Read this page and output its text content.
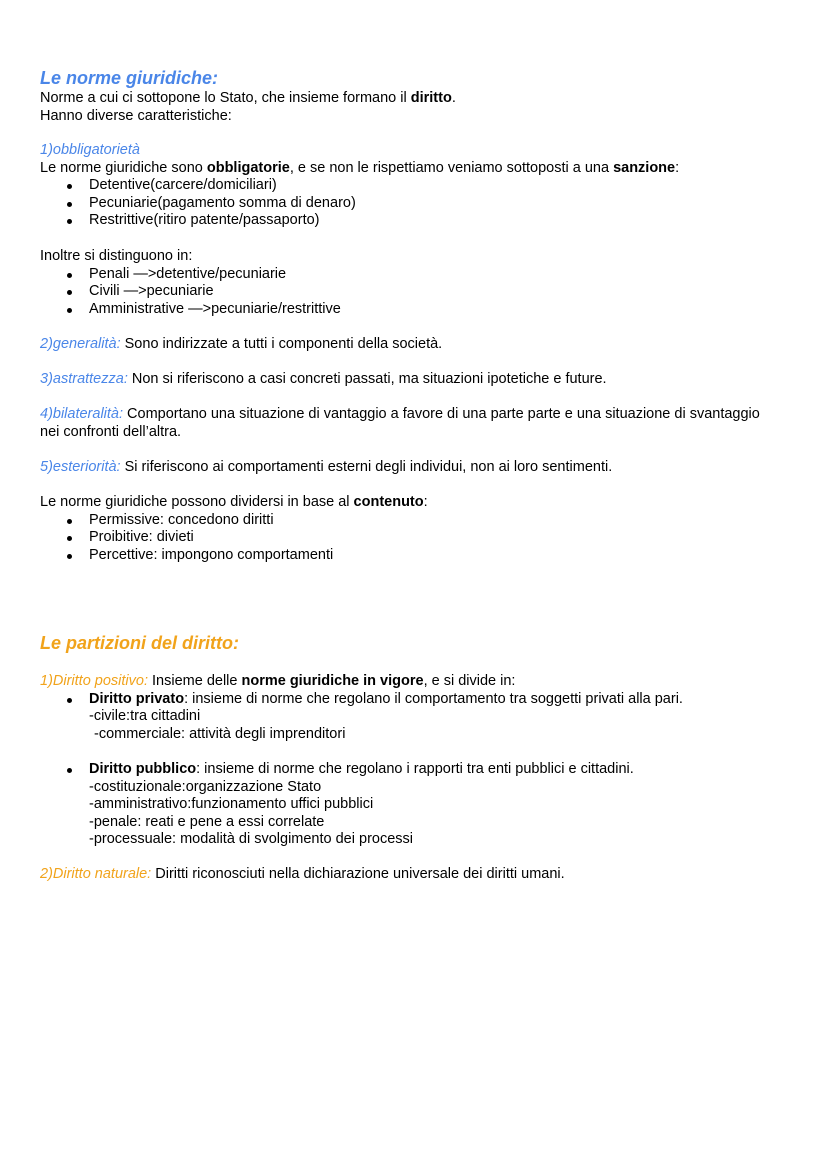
Le norme giuridiche:
Norme a cui ci sottopone lo Stato, che insieme formano il diritto.
Hanno diverse caratteristiche:
1)obbligatorietà
Le norme giuridiche sono obbligatorie, e se non le rispettiamo veniamo sottoposti a una sanzione:
Detentive(carcere/domiciliari)
Pecuniarie(pagamento somma di denaro)
Restrittive(ritiro patente/passaporto)
Inoltre si distinguono in:
Penali —>detentive/pecuniarie
Civili —>pecuniarie
Amministrative —>pecuniarie/restrittive
2)generalità: Sono indirizzate a tutti i componenti della società.
3)astrattezza: Non si riferiscono a casi concreti passati, ma situazioni ipotetiche e future.
4)bilateralità: Comportano una situazione di vantaggio a favore di una parte parte e una situazione di svantaggio nei confronti dell’altra.
5)esteriorità: Si riferiscono ai comportamenti esterni degli individui, non ai loro sentimenti.
Le norme giuridiche possono dividersi in base al contenuto:
Permissive: concedono diritti
Proibitive: divieti
Percettive: impongono comportamenti
Le partizioni del diritto:
1)Diritto positivo: Insieme delle norme giuridiche in vigore, e si divide in:
Diritto privato: insieme di norme che regolano il comportamento tra soggetti privati alla pari.
-civile:tra cittadini
-commerciale: attività degli imprenditori
Diritto pubblico: insieme di norme che regolano i rapporti tra enti pubblici e cittadini.
-costituzionale:organizzazione Stato
-amministrativo:funzionamento uffici pubblici
-penale: reati e pene a essi correlate
-processuale: modalità di svolgimento dei processi
2)Diritto naturale: Diritti riconosciuti nella dichiarazione universale dei diritti umani.
